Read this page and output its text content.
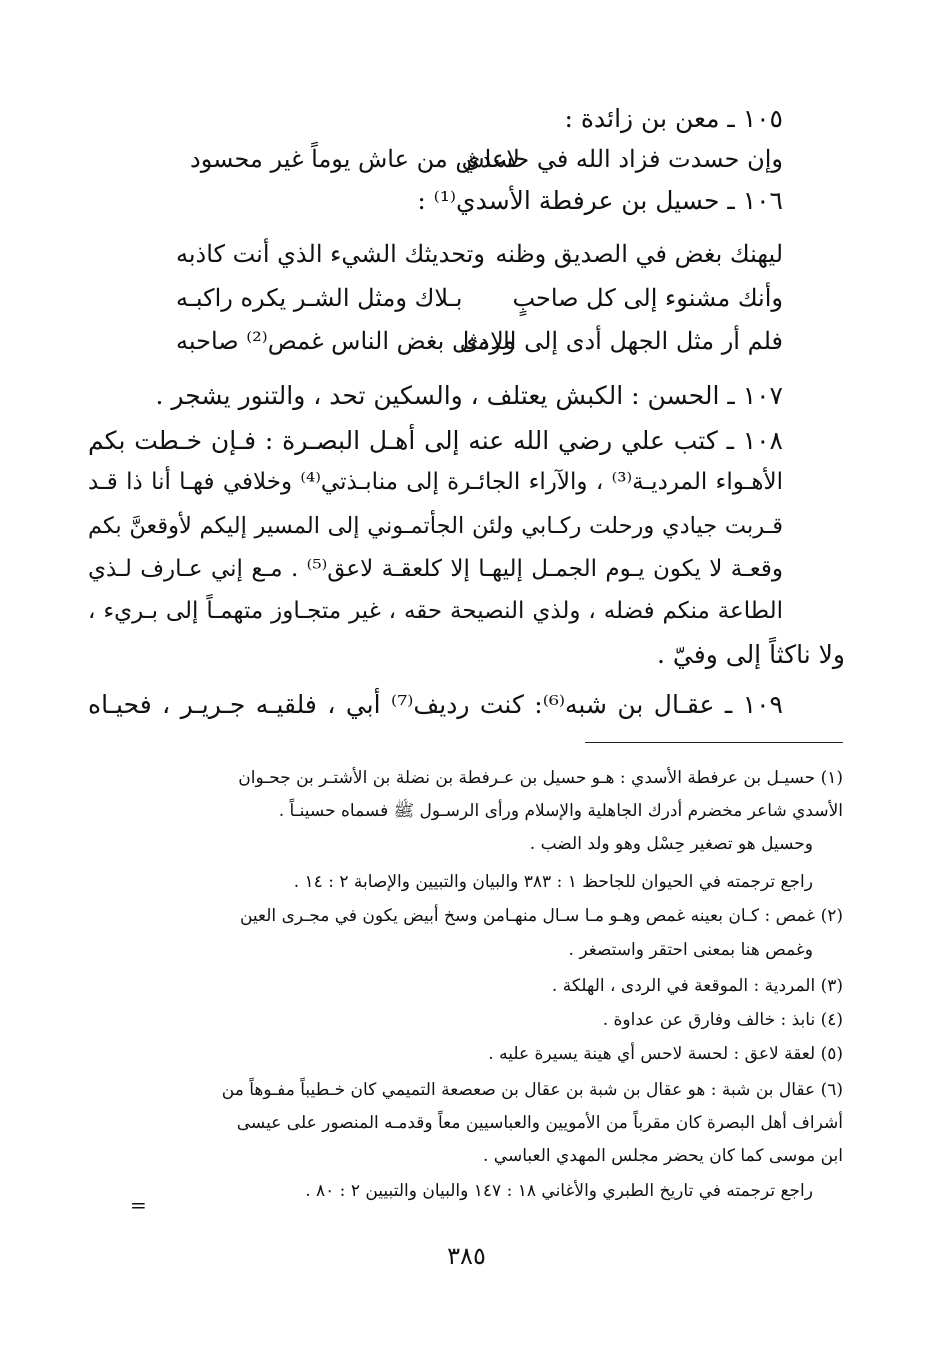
١٠٥ ـ معن بن زائدة :
وإن حسدت فزاد الله في حسدي
لاعاش من عاش يوماً غير محسود
١٠٦ ـ حسيل بن عرفطة الأسدي⁽¹⁾ :
ليهنك بغض في الصديق وظنه
وتحديثك الشيء الذي أنت كاذبه
وأنك مشنوء إلى كل صاحبٍ
بـلاك ومثل الشـر يكره راكبـه
فلم أر مثل الجهل أدى إلى الردى
ولامثل بغض الناس غمص⁽²⁾ صاحبه
١٠٧ ـ الحسن : الكبش يعتلف ، والسكين تحد ، والتنور يشجر .
١٠٨ ـ كتب علي رضي الله عنه إلى أهـل البصـرة : فـإن خـطت بكم
الأهـواء المرديـة⁽³⁾ ، والآراء الجائـرة إلى منابـذتي⁽⁴⁾ وخلافي فهـا أنا ذا قـد
قـربت جيادي ورحلت ركـابي ولئن الجأتمـوني إلى المسير إليكم لأوقعنَّ بكم
وقعـة لا يكون يـوم الجمـل إليهـا إلا كلعقـة لاعق⁽⁵⁾ . مـع إني عـارف لـذي
الطاعة منكم فضله ، ولذي النصيحة حقه ، غير متجـاوز متهمـاً إلى بـريء ،
ولا ناكثاً إلى وفيّ .
١٠٩ ـ عقـال بن شبه⁽⁶⁾: كنت رديف⁽⁷⁾ أبي ، فلقيـه جـريـر ، فحيـاه
(١) حسيـل بن عرفطة الأسدي : هـو حسيل بن عـرفطة بن نضلة بن الأشتـر بن جحـوان
الأسدي شاعر مخضرم أدرك الجاهلية والإسلام ورأى الرسـول ﷺ فسماه حسينـاً .
وحسيل هو تصغير حِسْل وهو ولد الضب .
راجع ترجمته في الحيوان للجاحظ ١ : ٣٨٣ والبيان والتبيين والإصابة ٢ : ١٤ .
(٢) غمص : كـان بعينه غمص وهـو مـا سـال منهـامن وسخ أبيض يكون في مجـرى العين
وغمص هنا بمعنى احتقر واستصغر .
(٣) المردية : الموقعة في الردى ، الهلكة .
(٤) نابذ : خالف وفارق عن عداوة .
(٥) لعقة لاعق : لحسة لاحس أي هينة يسيرة عليه .
(٦) عقال بن شبة : هو عقال بن شبة بن عقال بن صعصعة التميمي كان خـطيباً مفـوهاً من
أشراف أهل البصرة كان مقرباً من الأمويين والعباسيين معاً وقدمـه المنصور على عيسى
ابن موسى كما كان يحضر مجلس المهدي العباسي .
راجع ترجمته في تاريخ الطبري والأغاني ١٨ : ١٤٧ والبيان والتبيين ٢ : ٨٠ .
=
٣٨٥
